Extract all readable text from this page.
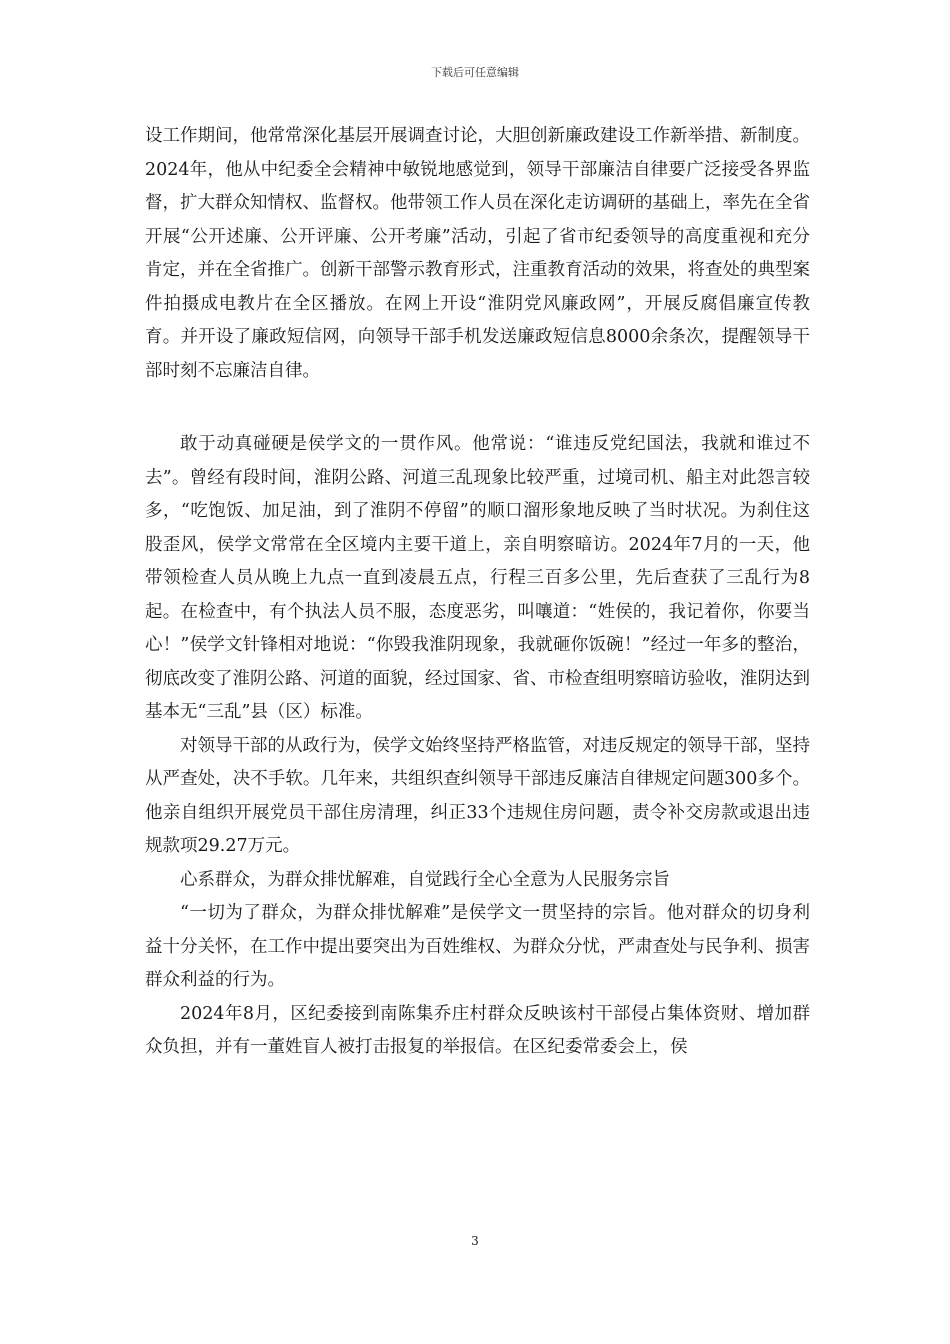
下载后可任意编辑

设工作期间，他常常深化基层开展调查讨论，大胆创新廉政建设工作新举措、新制度。2024年，他从中纪委全会精神中敏锐地感觉到，领导干部廉洁自律要广泛接受各界监督，扩大群众知情权、监督权。他带领工作人员在深化走访调研的基础上，率先在全省开展“公开述廉、公开评廉、公开考廉”活动，引起了省市纪委领导的高度重视和充分肯定，并在全省推广。创新干部警示教育形式，注重教育活动的效果，将查处的典型案件拍摄成电教片在全区播放。在网上开设“淮阴党风廉政网”，开展反腐倡廉宣传教育。并开设了廉政短信网，向领导干部手机发送廉政短信息8000余条次，提醒领导干部时刻不忘廉洁自律。

敢于动真碰硬是侯学文的一贯作风。他常说：“谁违反党纪国法，我就和谁过不去”。曾经有段时间，淮阴公路、河道三乱现象比较严重，过境司机、船主对此怨言较多，“吃饱饭、加足油，到了淮阴不停留”的顺口溜形象地反映了当时状况。为刹住这股歪风，侯学文常常在全区境内主要干道上，亲自明察暗访。2024年7月的一天，他带领检查人员从晚上九点一直到凌晨五点，行程三百多公里，先后查获了三乱行为8起。在检查中，有个执法人员不服，态度恶劣，叫嚷道：“姓侯的，我记着你，你要当心！”侯学文针锋相对地说：“你毁我淮阴现象，我就砸你饭碗！”经过一年多的整治，彻底改变了淮阴公路、河道的面貌，经过国家、省、市检查组明察暗访验收，淮阴达到基本无“三乱”县（区）标准。

对领导干部的从政行为，侯学文始终坚持严格监管，对违反规定的领导干部，坚持从严查处，决不手软。几年来，共组织查纠领导干部违反廉洁自律规定问题300多个。他亲自组织开展党员干部住房清理，纠正33个违规住房问题，责令补交房款或退出违规款项29.27万元。

心系群众，为群众排忧解难，自觉践行全心全意为人民服务宗旨

“一切为了群众，为群众排忧解难”是侯学文一贯坚持的宗旨。他对群众的切身利益十分关怀，在工作中提出要突出为百姓维权、为群众分忧，严肃查处与民争利、损害群众利益的行为。

2024年8月，区纪委接到南陈集乔庄村群众反映该村干部侵占集体资财、增加群众负担，并有一董姓盲人被打击报复的举报信。在区纪委常委会上，侯

3
